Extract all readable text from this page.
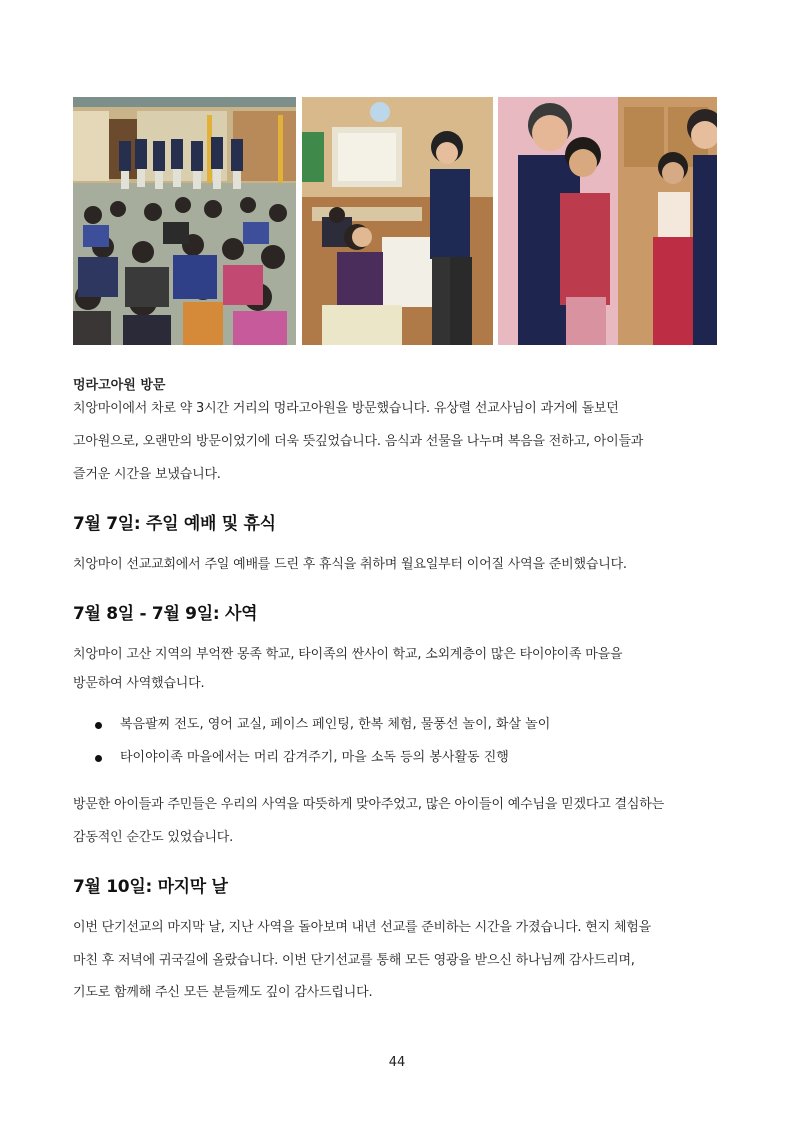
멍라고아원 방문

치앙마이에서 차로 약 3시간 거리의 멍라고아원을 방문했습니다. 유상렬 선교사님이 과거에 돌보던

고아원으로, 오랜만의 방문이었기에 더욱 뜻깊었습니다. 음식과 선물을 나누며 복음을 전하고, 아이들과

즐거운 시간을 보냈습니다.

7월 7일: 주일 예배 및 휴식

치앙마이 선교교회에서 주일 예배를 드린 후 휴식을 취하며 월요일부터 이어질 사역을 준비했습니다.

7월 8일 - 7월 9일: 사역

치앙마이 고산 지역의 부억짠 몽족 학교, 타이족의 싼사이 학교, 소외계층이 많은 타이야이족 마을을

방문하여 사역했습니다.

복음팔찌 전도, 영어 교실, 페이스 페인팅, 한복 체험, 물풍선 놀이, 화살 놀이
타이야이족 마을에서는 머리 감겨주기, 마을 소독 등의 봉사활동 진행

방문한 아이들과 주민들은 우리의 사역을 따뜻하게 맞아주었고, 많은 아이들이 예수님을 믿겠다고 결심하는

감동적인 순간도 있었습니다.

7월 10일: 마지막 날

이번 단기선교의 마지막 날, 지난 사역을 돌아보며 내년 선교를 준비하는 시간을 가졌습니다. 현지 체험을

마친 후 저녁에 귀국길에 올랐습니다. 이번 단기선교를 통해 모든 영광을 받으신 하나님께 감사드리며,

기도로 함께해 주신 모든 분들께도 깊이 감사드립니다.

44
